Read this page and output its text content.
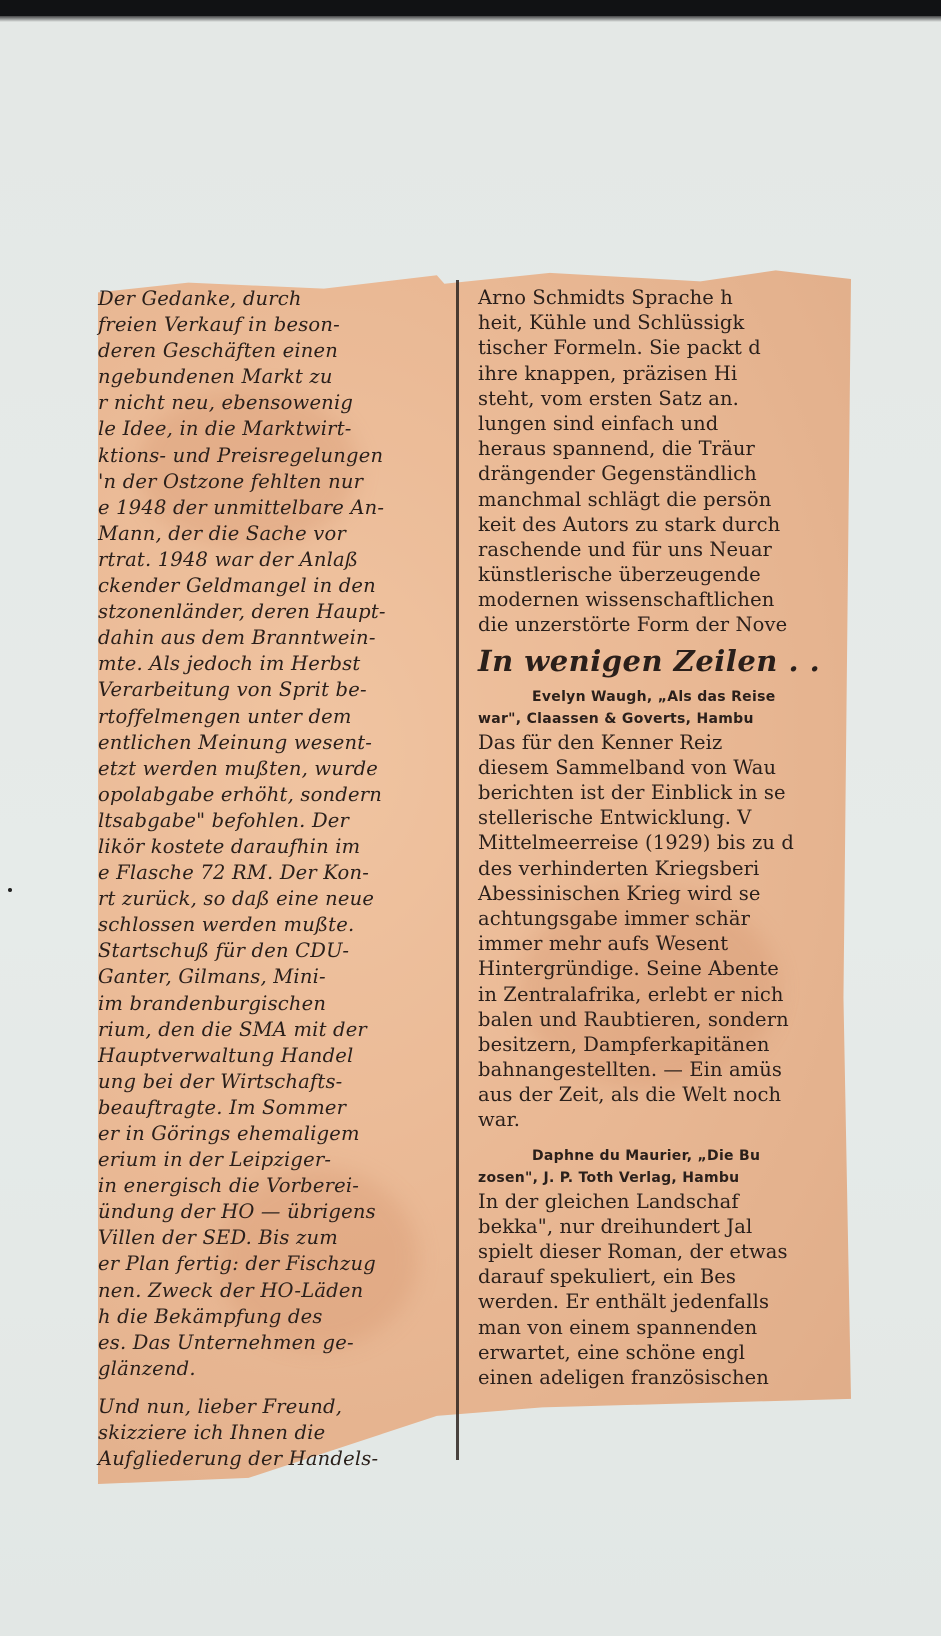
Der Gedanke, durch
freien Verkauf in beson-
deren Geschäften einen
ngebundenen Markt zu
r nicht neu, ebensowenig
le Idee, in die Marktwirt-
ktions- und Preisregelungen
'n der Ostzone fehlten nur
e 1948 der unmittelbare An-
Mann, der die Sache vor
rtrat. 1948 war der Anlaß
ckender Geldmangel in den
stzonenländer, deren Haupt-
dahin aus dem Branntwein-
mte. Als jedoch im Herbst
Verarbeitung von Sprit be-
rtoffelmengen unter dem
entlichen Meinung wesent-
etzt werden mußten, wurde
opolabgabe erhöht, sondern
ltsabgabe" befohlen. Der
likör kostete daraufhin im
e Flasche 72 RM. Der Kon-
rt zurück, so daß eine neue
schlossen werden mußte.
Startschuß für den CDU-
Ganter, Gilmans, Mini-
im brandenburgischen
rium, den die SMA mit der
Hauptverwaltung Handel
ung bei der Wirtschafts-
beauftragte. Im Sommer
er in Görings ehemaligem
erium in der Leipziger-
in energisch die Vorberei-
ündung der HO — übrigens
Villen der SED. Bis zum
er Plan fertig: der Fischzug
nen. Zweck der HO-Läden
h die Bekämpfung des
es. Das Unternehmen ge-
glänzend.
Und nun, lieber Freund,
skizziere ich Ihnen die
Aufgliederung der Handels-
Arno Schmidts Sprache h
heit, Kühle und Schlüssigk
tischer Formeln. Sie packt d
ihre knappen, präzisen Hi
steht, vom ersten Satz an.
lungen sind einfach und
heraus spannend, die Träur
drängender Gegenständlich
manchmal schlägt die persön
keit des Autors zu stark durch
raschende und für uns Neuar
künstlerische überzeugende
modernen wissenschaftlichen
die unzerstörte Form der Nove
In wenigen Zeilen . .
Evelyn Waugh, „Als das Reise
war", Claassen & Goverts, Hambu
Das für den Kenner Reiz
diesem Sammelband von Wau
berichten ist der Einblick in se
stellerische Entwicklung. V
Mittelmeerreise (1929) bis zu d
des verhinderten Kriegsberi
Abessinischen Krieg wird se
achtungsgabe immer schär
immer mehr aufs Wesent
Hintergründige. Seine Abente
in Zentralafrika, erlebt er nich
balen und Raubtieren, sondern
besitzern, Dampferkapitänen
bahnangestellten. — Ein amüs
aus der Zeit, als die Welt noch
war.
Daphne du Maurier, „Die Bu
zosen", J. P. Toth Verlag, Hambu
In der gleichen Landschaf
bekka", nur dreihundert Jal
spielt dieser Roman, der etwas
darauf spekuliert, ein Bes
werden. Er enthält jedenfalls
man von einem spannenden
erwartet, eine schöne engl
einen adeligen französischen
